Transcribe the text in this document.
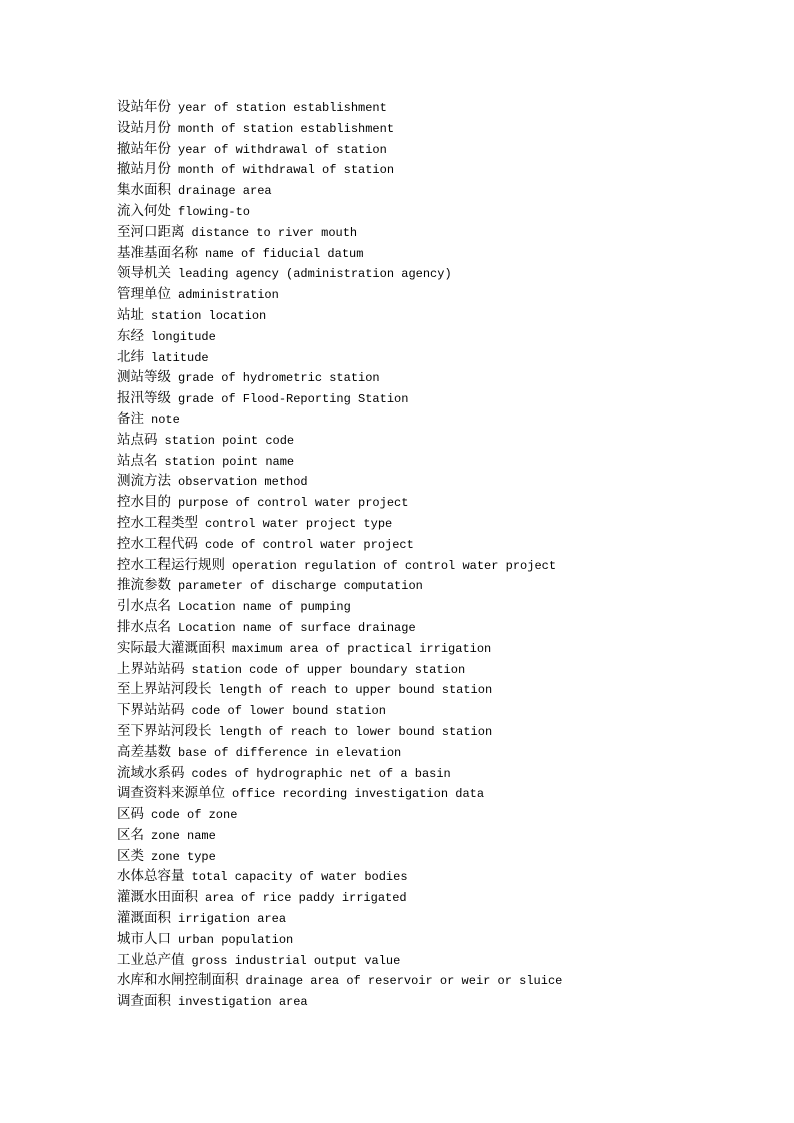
设站年份 year of station establishment
设站月份 month of station establishment
撤站年份 year of withdrawal of station
撤站月份 month of withdrawal of station
集水面积 drainage area
流入何处 flowing-to
至河口距离 distance to river mouth
基准基面名称 name of fiducial datum
领导机关 leading agency (administration agency)
管理单位 administration
站址 station location
东经 longitude
北纬 latitude
测站等级 grade of hydrometric station
报汛等级 grade of Flood-Reporting Station
备注 note
站点码 station point code
站点名 station point name
测流方法 observation method
控水目的 purpose of control water project
控水工程类型 control water project type
控水工程代码 code of control water project
控水工程运行规则 operation regulation of control water project
推流参数 parameter of discharge computation
引水点名 Location name of pumping
排水点名 Location name of surface drainage
实际最大灌溉面积 maximum area of practical irrigation
上界站站码 station code of upper boundary station
至上界站河段长 length of reach to upper bound station
下界站站码 code of lower bound station
至下界站河段长 length of reach to lower bound station
高差基数 base of difference in elevation
流域水系码 codes of hydrographic net of a basin
调查资料来源单位 office recording investigation data
区码 code of zone
区名 zone name
区类 zone type
水体总容量 total capacity of water bodies
灌溉水田面积 area of rice paddy irrigated
灌溉面积 irrigation area
城市人口 urban population
工业总产值 gross industrial output value
水库和水闸控制面积 drainage area of reservoir or weir or sluice
调查面积 investigation area
